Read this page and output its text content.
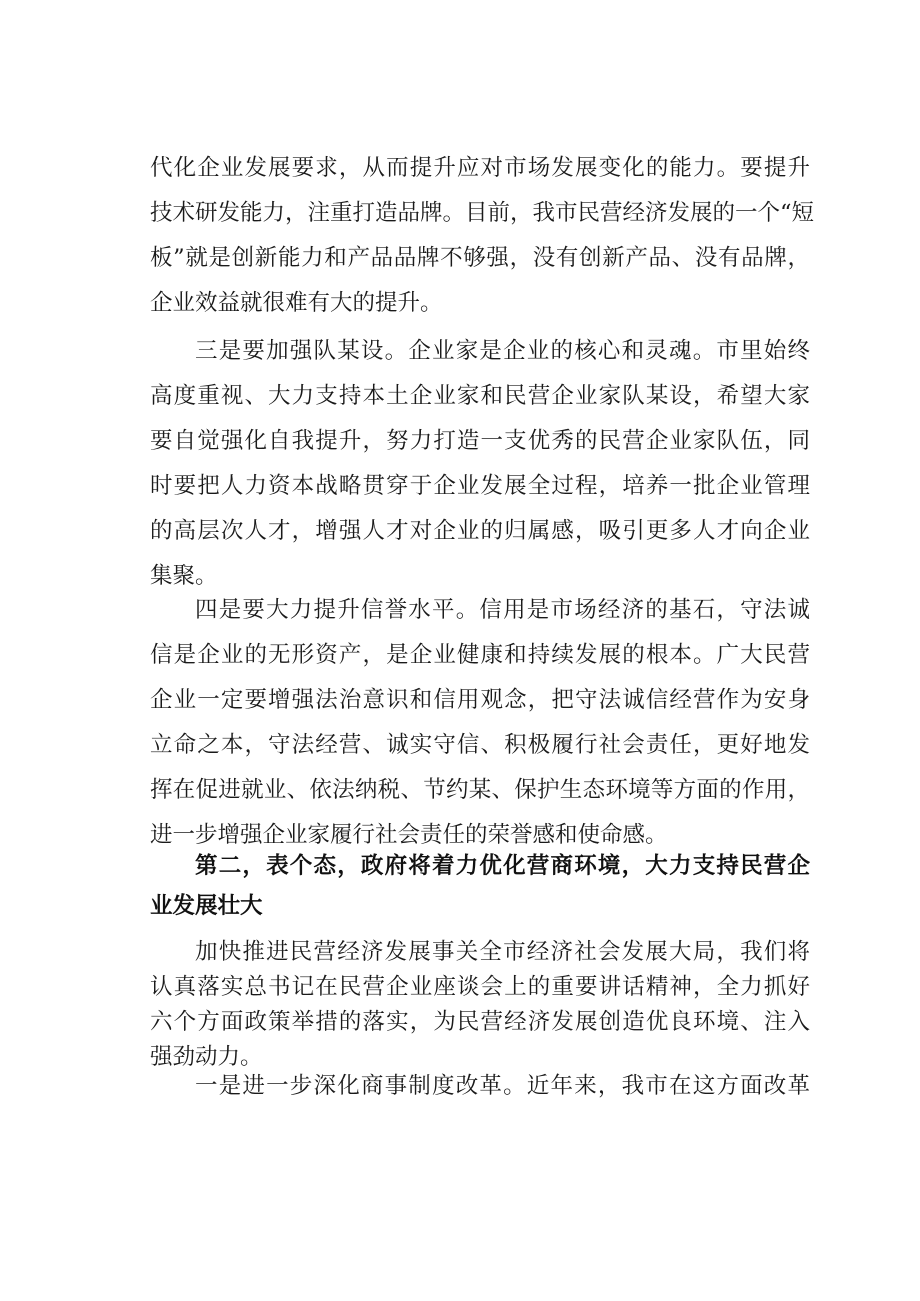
代化企业发展要求，从而提升应对市场发展变化的能力。要提升
技术研发能力，注重打造品牌。目前，我市民营经济发展的一个“短
板”就是创新能力和产品品牌不够强，没有创新产品、没有品牌，
企业效益就很难有大的提升。
三是要加强队某设。企业家是企业的核心和灵魂。市里始终
高度重视、大力支持本土企业家和民营企业家队某设，希望大家
要自觉强化自我提升，努力打造一支优秀的民营企业家队伍，同
时要把人力资本战略贯穿于企业发展全过程，培养一批企业管理
的高层次人才，增强人才对企业的归属感，吸引更多人才向企业
集聚。
四是要大力提升信誉水平。信用是市场经济的基石，守法诚
信是企业的无形资产，是企业健康和持续发展的根本。广大民营
企业一定要增强法治意识和信用观念，把守法诚信经营作为安身
立命之本，守法经营、诚实守信、积极履行社会责任，更好地发
挥在促进就业、依法纳税、节约某、保护生态环境等方面的作用，
进一步增强企业家履行社会责任的荣誉感和使命感。
第二，表个态，政府将着力优化营商环境，大力支持民营企
业发展壮大
加快推进民营经济发展事关全市经济社会发展大局，我们将
认真落实总书记在民营企业座谈会上的重要讲话精神，全力抓好
六个方面政策举措的落实，为民营经济发展创造优良环境、注入
强劲动力。
一是进一步深化商事制度改革。近年来，我市在这方面改革
